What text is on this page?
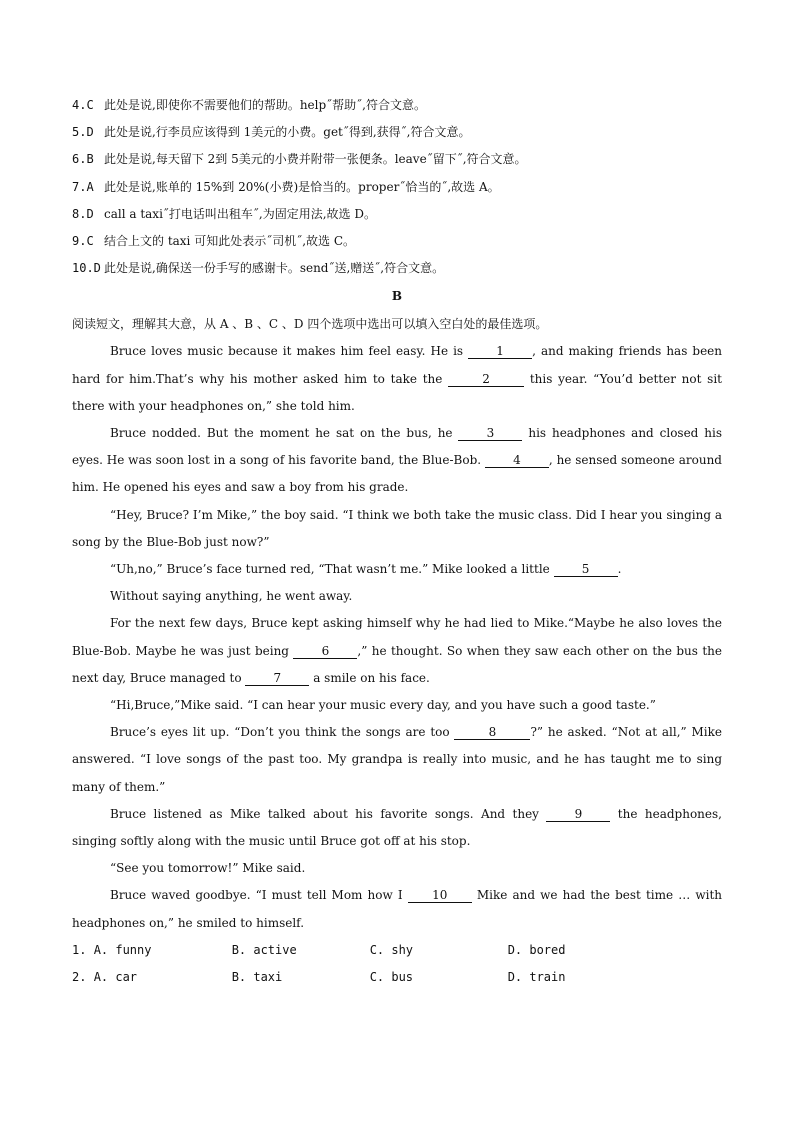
4.C 此处是说,即使你不需要他们的帮助。help˝帮助˝,符合文意。
5.D 此处是说,行李员应该得到 1美元的小费。get˝得到,获得˝,符合文意。
6.B 此处是说,每天留下 2到 5美元的小费并附带一张便条。leave˝留下˝,符合文意。
7.A 此处是说,账单的 15%到 20%(小费)是恰当的。proper˝恰当的˝,故选 A。
8.D call a taxi˝打电话叫出租车˝,为固定用法,故选 D。
9.C 结合上文的 taxi 可知此处表示˝司机˝,故选 C。
10.D 此处是说,确保送一份手写的感谢卡。send˝送,赠送˝,符合文意。
B
阅读短文，理解其大意，从 A 、B 、C 、D 四个选项中选出可以填入空白处的最佳选项。
Bruce loves music because it makes him feel easy. He is 1 , and making friends has been hard for him.That’s why his mother asked him to take the	2	this year. “You’d better not sit there with your headphones on,” she told him.
Bruce nodded. But the moment he sat on the bus, he 3 his headphones and closed his eyes. He was soon lost in a song of his favorite band, the Blue-Bob. 4 , he sensed someone around him. He opened his eyes and saw a boy from his grade.
“Hey, Bruce? I’m Mike,” the boy said. “I think we both take the music class. Did I hear you singing a song by the Blue-Bob just now?”
“Uh,no,” Bruce’s face turned red, “That wasn’t me.” Mike looked a little 5 .
Without saying anything, he went away.
For the next few days, Bruce kept asking himself why he had lied to Mike.“Maybe he also loves the Blue-Bob. Maybe he was just being 6 ,” he thought. So when they saw each other on the bus the next day, Bruce managed to 7 a smile on his face.
“Hi,Bruce,”Mike said. “I can hear your music every day, and you have such a good taste.”
Bruce’s eyes lit up. “Don’t you think the songs are too	8	?” he asked. “Not at all,” Mike answered. “I love songs of the past too. My grandpa is really into music, and he has taught me to sing many of them.”
Bruce listened as Mike talked about his favorite songs. And they 9 the headphones, singing softly along with the music until Bruce got off at his stop.
“See you tomorrow!” Mike said.
Bruce waved goodbye. “I must tell Mom how I 10 Mike and we had the best time … with headphones on,” he smiled to himself.
1. A. funny	B. active	C. shy	D. bored
2. A. car	B. taxi	C. bus	D. train
